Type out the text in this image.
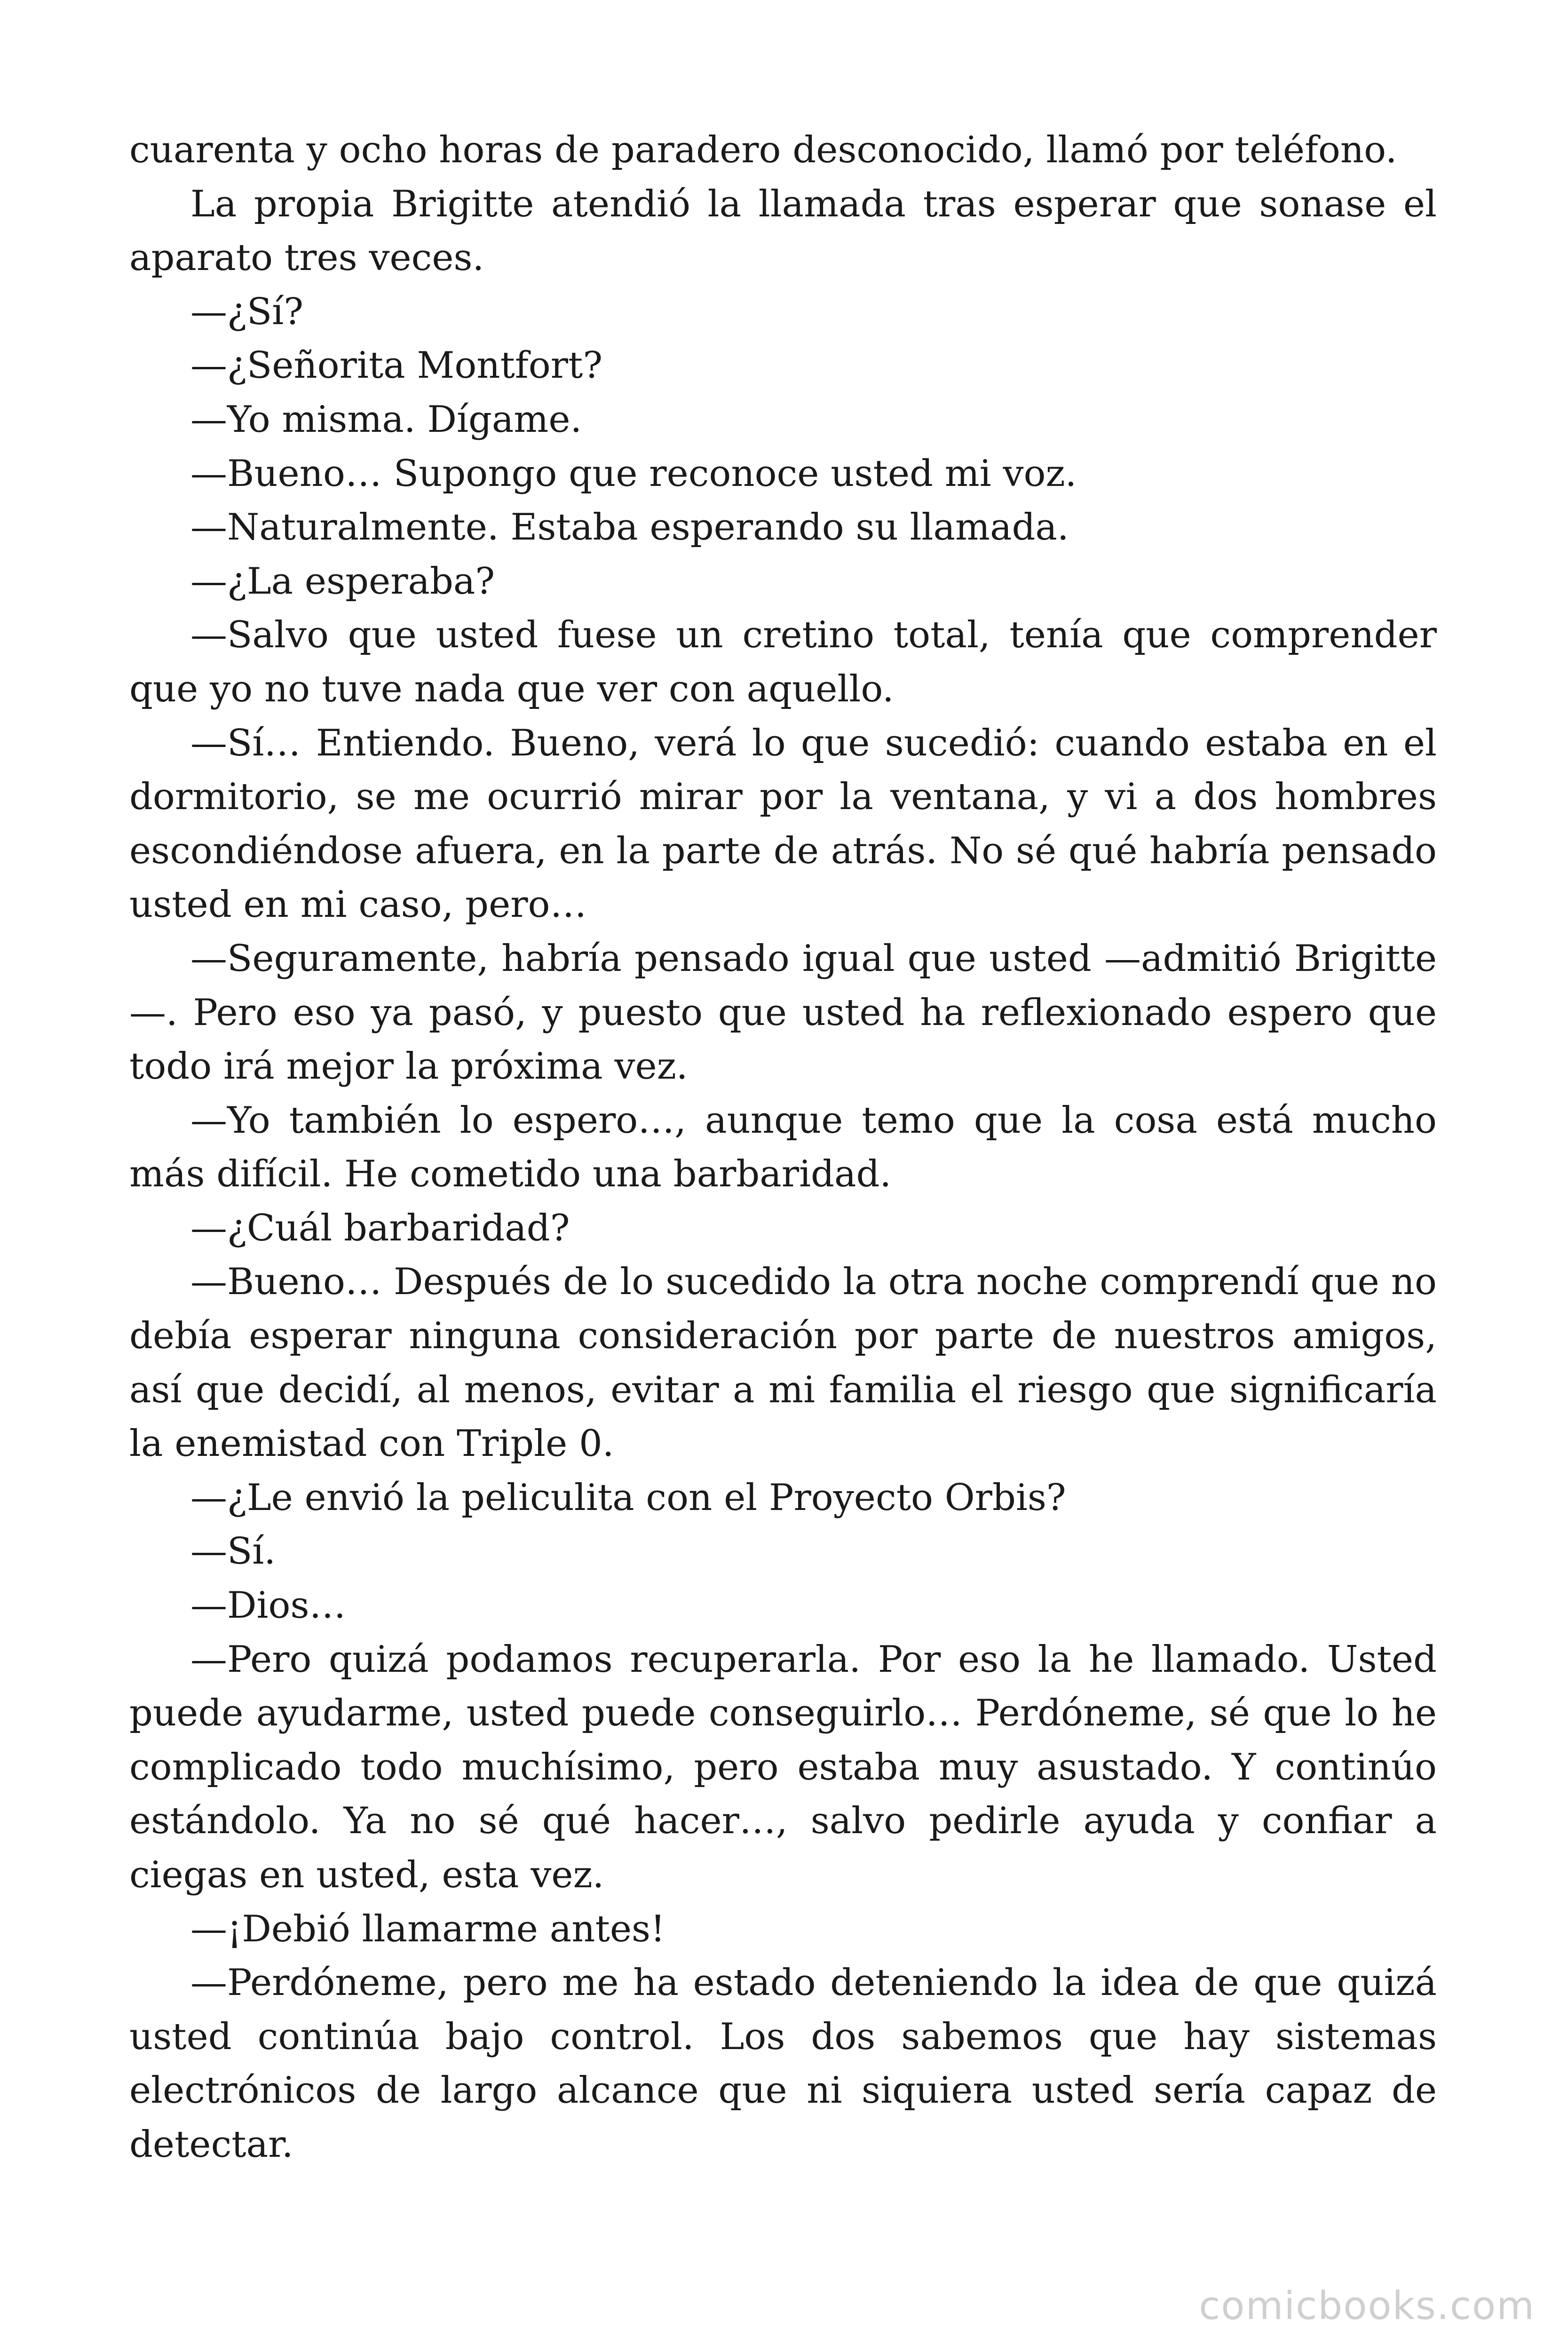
cuarenta y ocho horas de paradero desconocido, llamó por teléfono.

La propia Brigitte atendió la llamada tras esperar que sonase el aparato tres veces.

—¿Sí?

—¿Señorita Montfort?

—Yo misma. Dígame.

—Bueno… Supongo que reconoce usted mi voz.

—Naturalmente. Estaba esperando su llamada.

—¿La esperaba?

—Salvo que usted fuese un cretino total, tenía que comprender que yo no tuve nada que ver con aquello.

—Sí… Entiendo. Bueno, verá lo que sucedió: cuando estaba en el dormitorio, se me ocurrió mirar por la ventana, y vi a dos hombres escondiéndose afuera, en la parte de atrás. No sé qué habría pensado usted en mi caso, pero…

—Seguramente, habría pensado igual que usted —admitió Brigitte—. Pero eso ya pasó, y puesto que usted ha reflexionado espero que todo irá mejor la próxima vez.

—Yo también lo espero…, aunque temo que la cosa está mucho más difícil. He cometido una barbaridad.

—¿Cuál barbaridad?

—Bueno… Después de lo sucedido la otra noche comprendí que no debía esperar ninguna consideración por parte de nuestros amigos, así que decidí, al menos, evitar a mi familia el riesgo que significaría la enemistad con Triple 0.

—¿Le envió la peliculita con el Proyecto Orbis?

—Sí.

—Dios…

—Pero quizá podamos recuperarla. Por eso la he llamado. Usted puede ayudarme, usted puede conseguirlo… Perdóneme, sé que lo he complicado todo muchísimo, pero estaba muy asustado. Y continúo estándolo. Ya no sé qué hacer…, salvo pedirle ayuda y confiar a ciegas en usted, esta vez.

—¡Debió llamarme antes!

—Perdóneme, pero me ha estado deteniendo la idea de que quizá usted continúa bajo control. Los dos sabemos que hay sistemas electrónicos de largo alcance que ni siquiera usted sería capaz de detectar.

comicbooks.com
